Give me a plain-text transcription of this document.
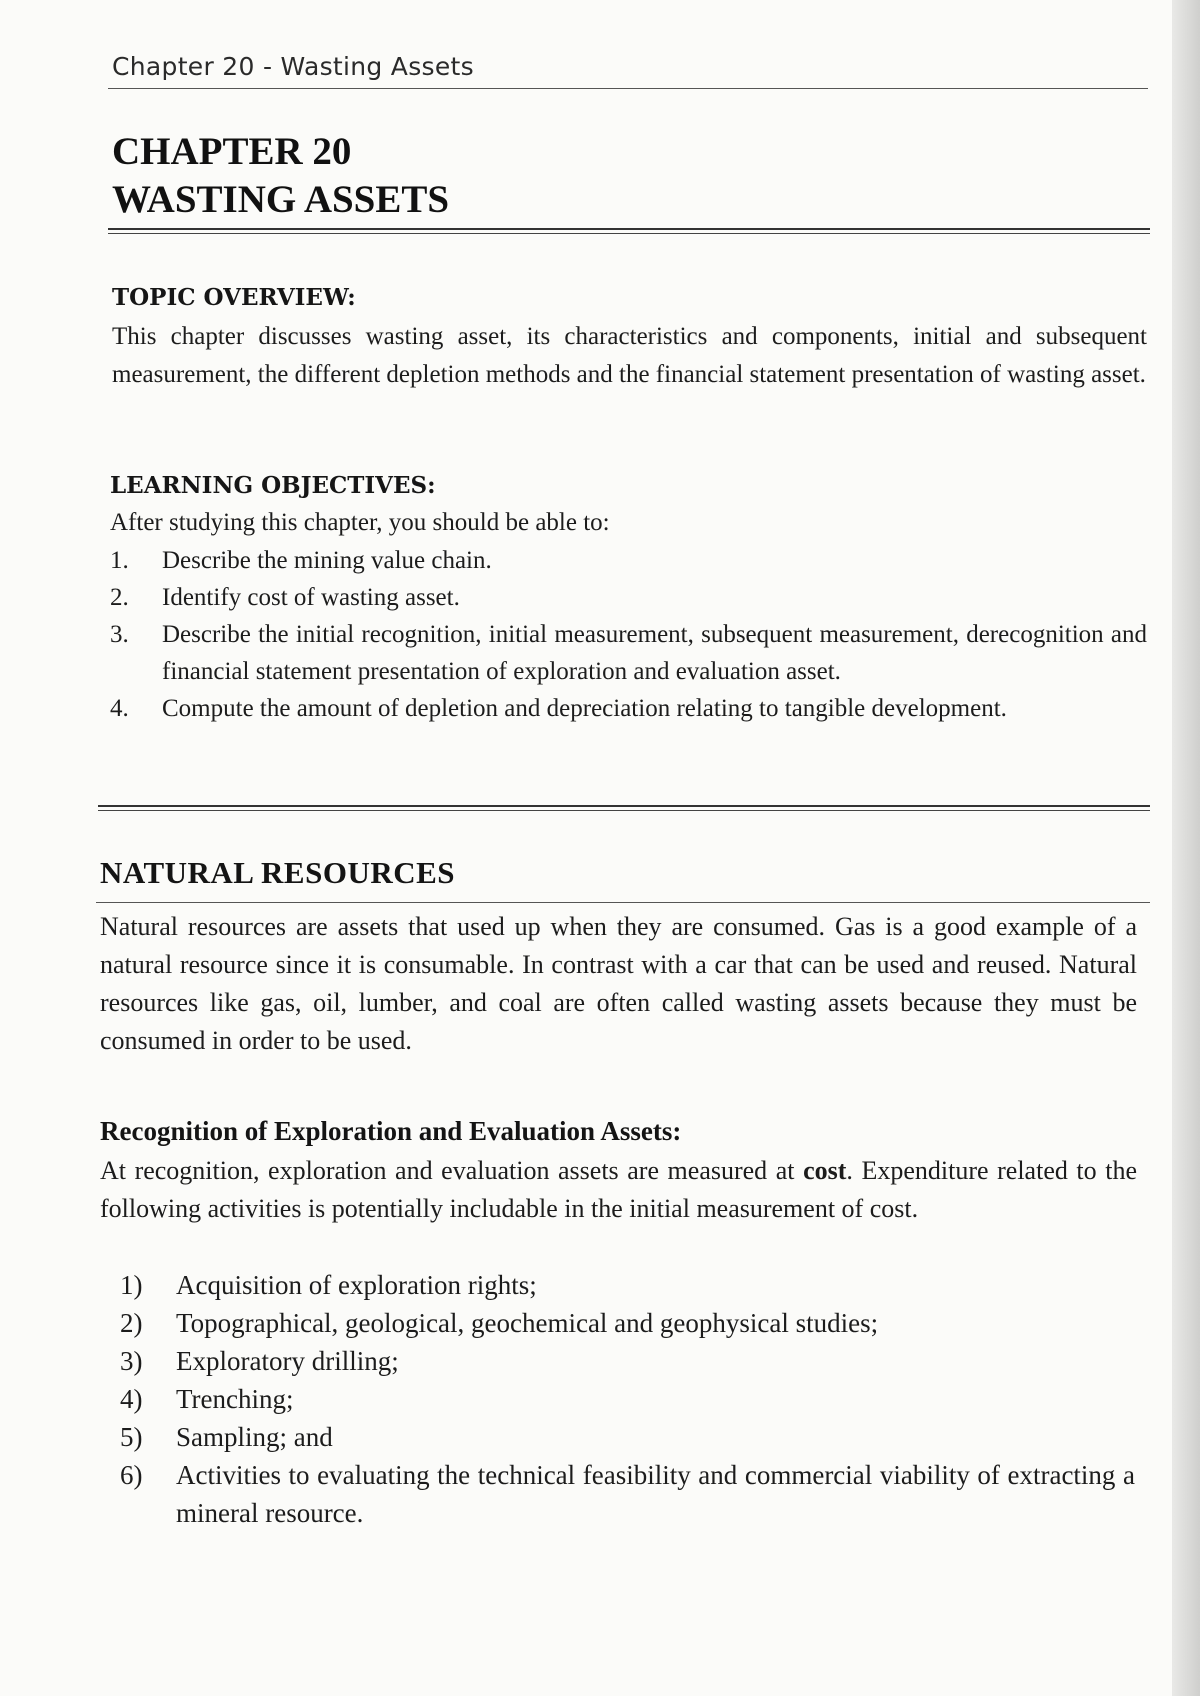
Chapter 20 - Wasting Assets
CHAPTER 20
WASTING ASSETS
TOPIC OVERVIEW:

This chapter discusses wasting asset, its characteristics and components, initial and subsequent measurement, the different depletion methods and the financial statement presentation of wasting asset.

LEARNING OBJECTIVES:

After studying this chapter, you should be able to:

1. Describe the mining value chain.
2. Identify cost of wasting asset.
3. Describe the initial recognition, initial measurement, subsequent measurement, derecognition and financial statement presentation of exploration and evaluation asset.
4. Compute the amount of depletion and depreciation relating to tangible development.
NATURAL RESOURCES

Natural resources are assets that used up when they are consumed. Gas is a good example of a natural resource since it is consumable. In contrast with a car that can be used and reused. Natural resources like gas, oil, lumber, and coal are often called wasting assets because they must be consumed in order to be used.

Recognition of Exploration and Evaluation Assets:

At recognition, exploration and evaluation assets are measured at cost. Expenditure related to the following activities is potentially includable in the initial measurement of cost.

1) Acquisition of exploration rights;
2) Topographical, geological, geochemical and geophysical studies;
3) Exploratory drilling;
4) Trenching;
5) Sampling; and
6) Activities to evaluating the technical feasibility and commercial viability of extracting a mineral resource.
